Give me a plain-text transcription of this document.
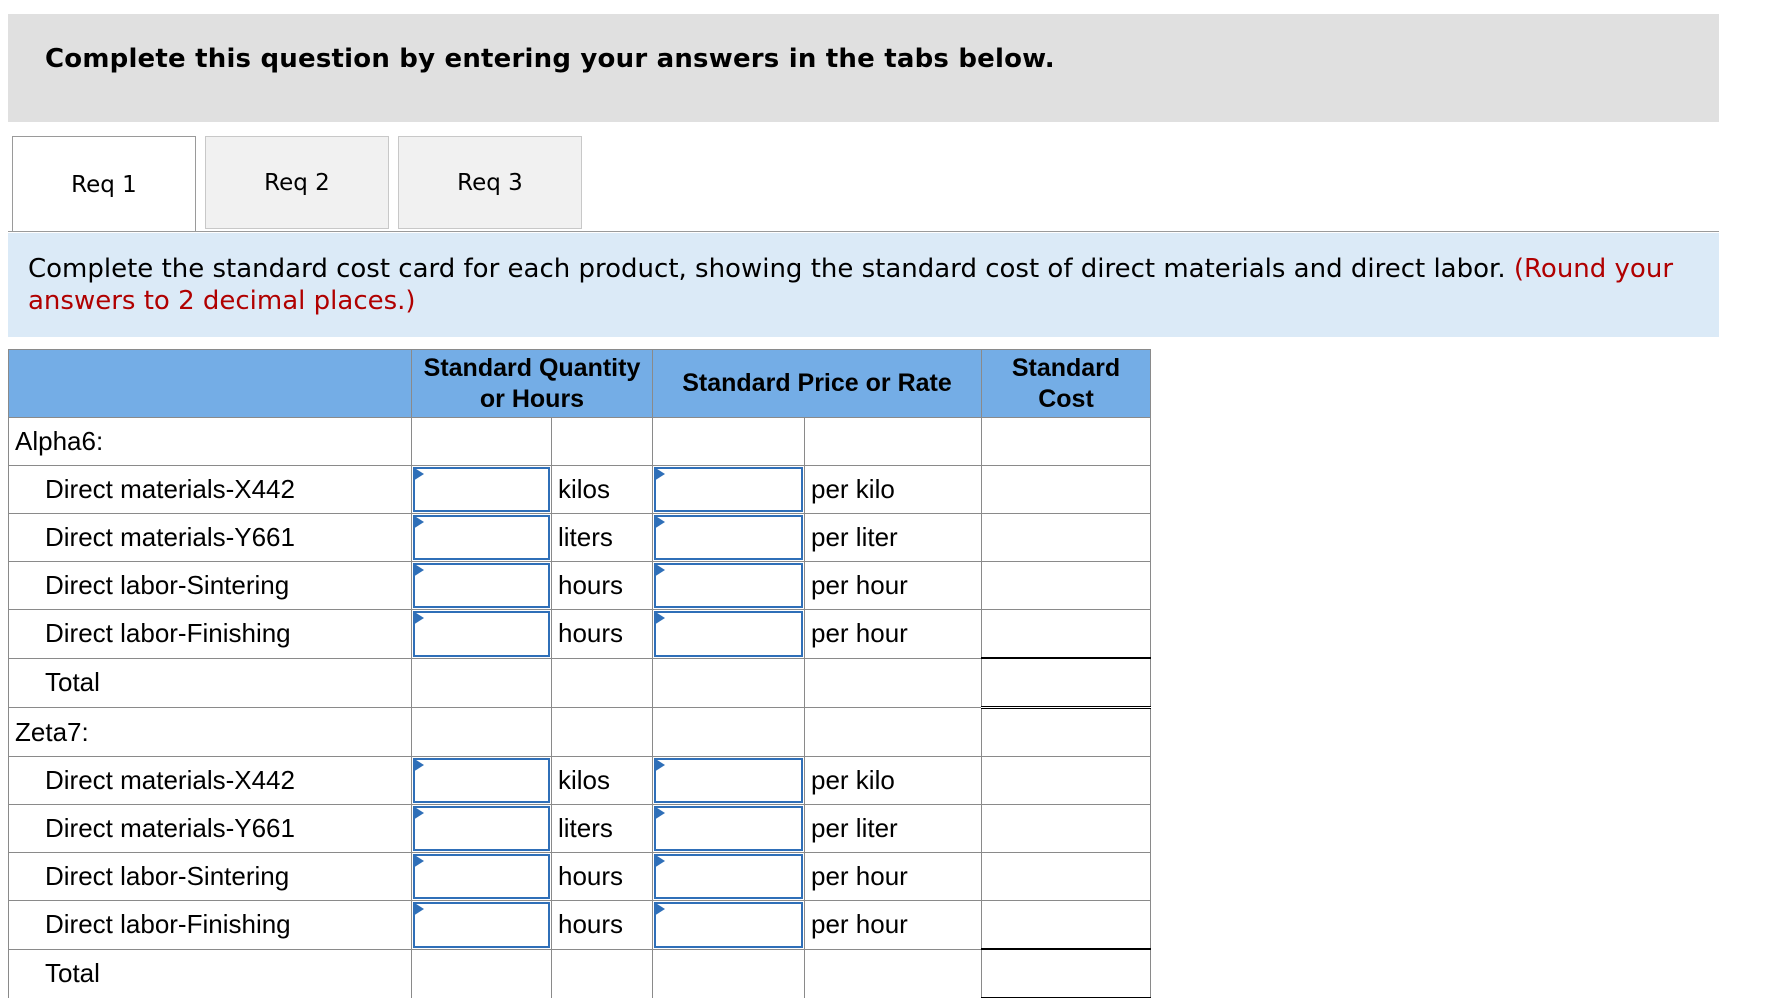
Complete this question by entering your answers in the tabs below.
Req 1	Req 2	Req 3
Complete the standard cost card for each product, showing the standard cost of direct materials and direct labor. (Round your answers to 2 decimal places.)
	Standard Quantity or Hours		Standard Price or Rate		Standard Cost
Alpha6:					
Direct materials-X442		kilos		per kilo	
Direct materials-Y661		liters		per liter	
Direct labor-Sintering		hours		per hour	
Direct labor-Finishing		hours		per hour	
Total					
Zeta7:					
Direct materials-X442		kilos		per kilo	
Direct materials-Y661		liters		per liter	
Direct labor-Sintering		hours		per hour	
Direct labor-Finishing		hours		per hour	
Total					
